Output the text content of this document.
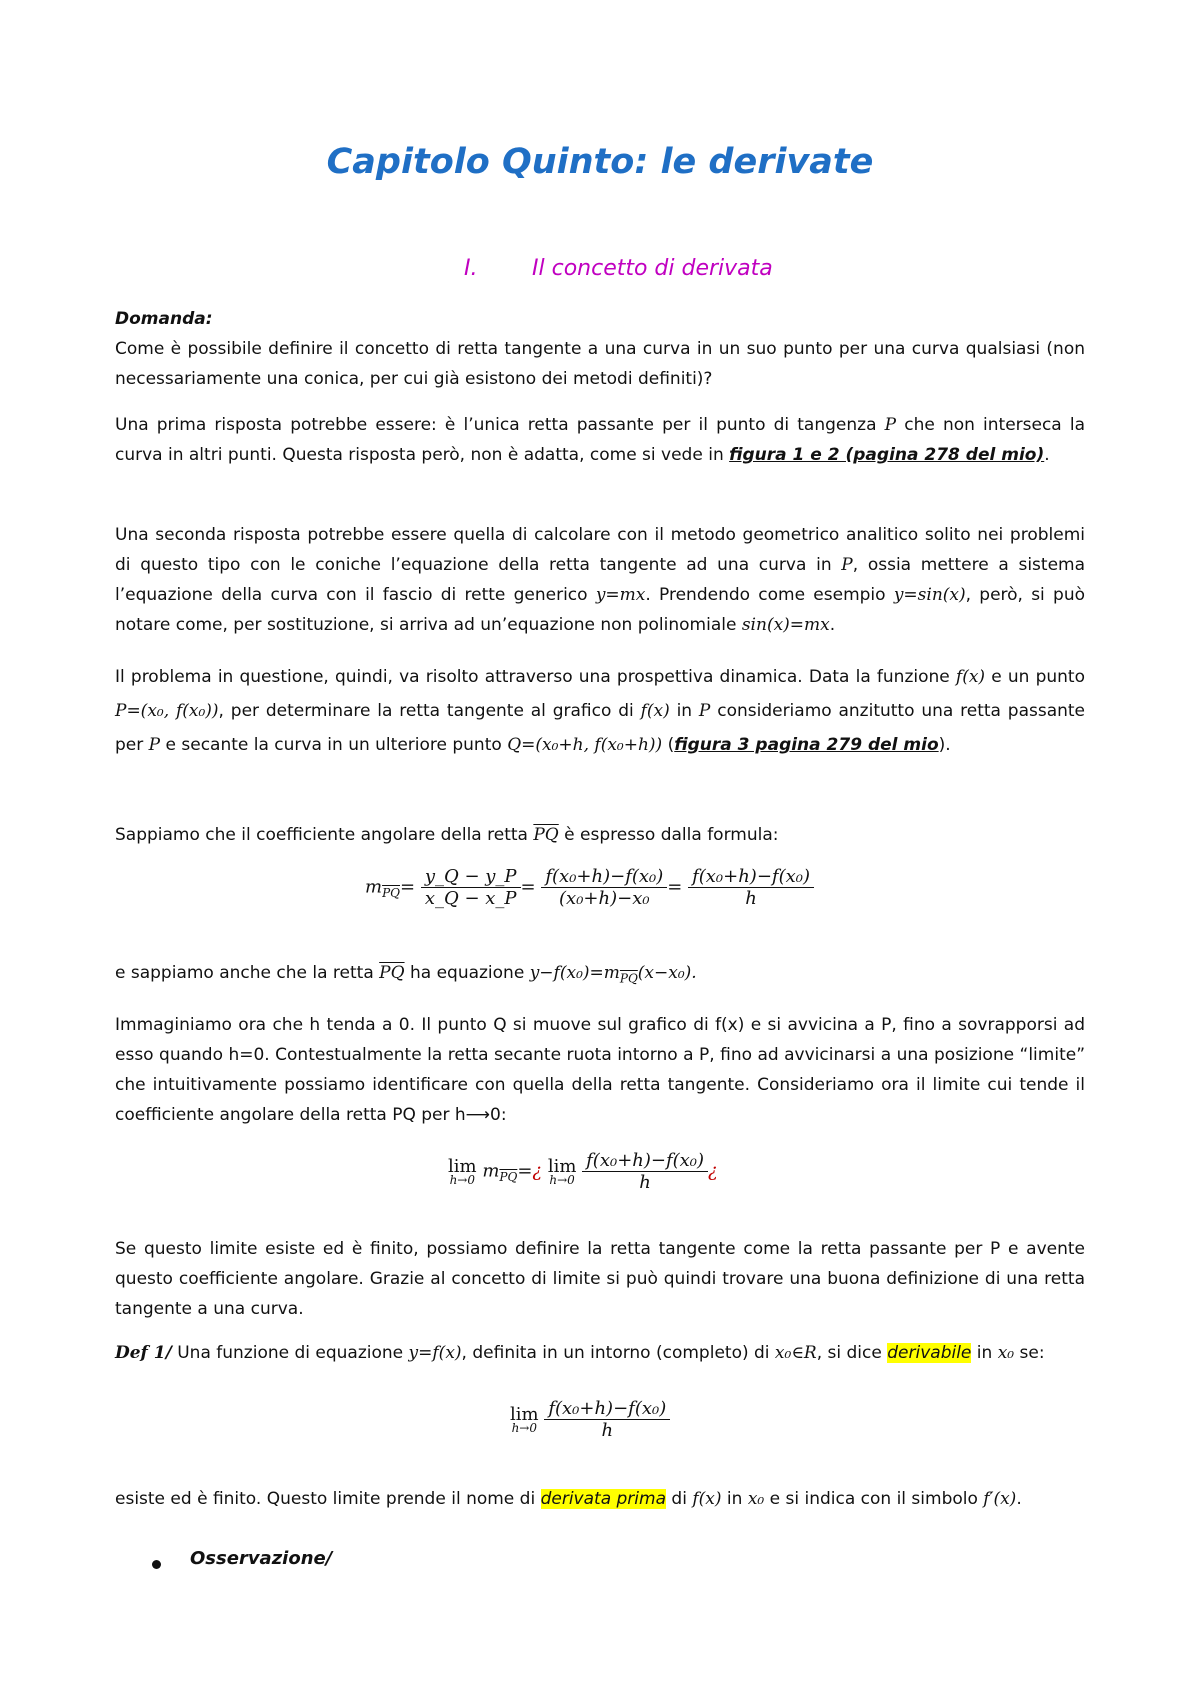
Capitolo Quinto: le derivate
I. Il concetto di derivata
Domanda:
Come è possibile definire il concetto di retta tangente a una curva in un suo punto per una curva qualsiasi (non necessariamente una conica, per cui già esistono dei metodi definiti)?

Una prima risposta potrebbe essere: è l’unica retta passante per il punto di tangenza P che non interseca la curva in altri punti. Questa risposta però, non è adatta, come si vede in figura 1 e 2 (pagina 278 del mio).

Una seconda risposta potrebbe essere quella di calcolare con il metodo geometrico analitico solito nei problemi di questo tipo con le coniche l’equazione della retta tangente ad una curva in P, ossia mettere a sistema l’equazione della curva con il fascio di rette generico y=mx. Prendendo come esempio y=sin(x), però, si può notare come, per sostituzione, si arriva ad un’equazione non polinomiale sin(x)=mx.

Il problema in questione, quindi, va risolto attraverso una prospettiva dinamica. Data la funzione f(x) e un punto P=(x₀, f(x₀)), per determinare la retta tangente al grafico di f(x) in P consideriamo anzitutto una retta passante per P e secante la curva in un ulteriore punto Q=(x₀+h, f(x₀+h)) (figura 3 pagina 279 del mio).

Sappiamo che il coefficiente angolare della retta $\overline{PQ}$ è espresso dalla formula:

$m_{\overline{PQ}}= \frac{y\_Q - y\_P}{x\_Q - x\_P} = \frac{\text{f(x₀+h)−f(x₀)}}{\text{(x₀+h)−x₀}} = \frac{\text{f(x₀+h)−f(x₀)}}{h}$

e sappiamo anche che la retta $\overline{PQ}$ ha equazione $y-f(x_0)=m_{\overline{PQ}}(x-x_0)$.

Immaginiamo ora che h tenda a 0. Il punto Q si muove sul grafico di f(x) e si avvicina a P, fino a sovrapporsi ad esso quando h=0. Contestualmente la retta secante ruota intorno a P, fino ad avvicinarsi a una posizione “limite” che intuitivamente possiamo identificare con quella della retta tangente. Consideriamo ora il limite cui tende il coefficiente angolare della retta PQ per h⟶0:

lim
h→0 $m_{\overline{PQ}}=¿$ lim
h→0
$\frac{\text{f(x₀+h)−f(x₀)}}{h}$ ¿

Se questo limite esiste ed è finito, possiamo definire la retta tangente come la retta passante per P e avente questo coefficiente angolare. Grazie al concetto di limite si può quindi trovare una buona definizione di una retta tangente a una curva.

Def 1/ Una funzione di equazione y=f(x), definita in un intorno (completo) di x₀∈R, si dice derivabile in x₀ se:

lim
h→0
$\frac{\text{f(x₀+h)−f(x₀)}}{h}$

esiste ed è finito. Questo limite prende il nome di derivata prima di f(x) in x₀ e si indica con il simbolo f′(x).

Osservazione/
